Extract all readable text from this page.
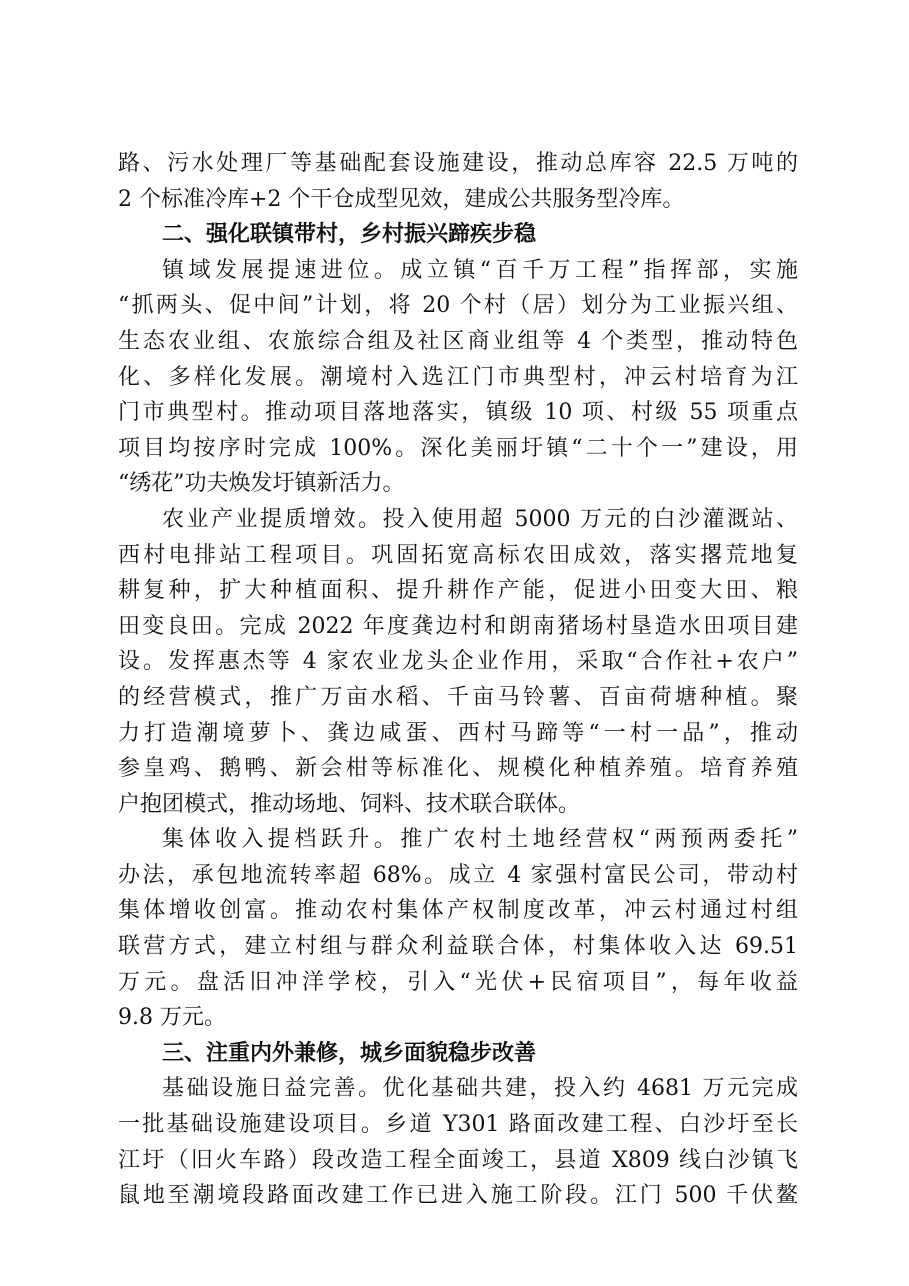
路、污水处理厂等基础配套设施建设，推动总库容 22.5 万吨的
2 个标准冷库+2 个干仓成型见效，建成公共服务型冷库。
二、强化联镇带村，乡村振兴蹄疾步稳
镇域发展提速进位。成立镇“百千万工程”指挥部，实施
“抓两头、促中间”计划，将 20 个村（居）划分为工业振兴组、
生态农业组、农旅综合组及社区商业组等 4 个类型，推动特色
化、多样化发展。潮境村入选江门市典型村，冲云村培育为江
门市典型村。推动项目落地落实，镇级 10 项、村级 55 项重点
项目均按序时完成 100%。深化美丽圩镇“二十个一”建设，用
“绣花”功夫焕发圩镇新活力。
农业产业提质增效。投入使用超 5000 万元的白沙灌溉站、
西村电排站工程项目。巩固拓宽高标农田成效，落实撂荒地复
耕复种，扩大种植面积、提升耕作产能，促进小田变大田、粮
田变良田。完成 2022 年度龚边村和朗南猪场村垦造水田项目建
设。发挥惠杰等 4 家农业龙头企业作用，采取“合作社+农户”
的经营模式，推广万亩水稻、千亩马铃薯、百亩荷塘种植。聚
力打造潮境萝卜、龚边咸蛋、西村马蹄等“一村一品”，推动
参皇鸡、鹅鸭、新会柑等标准化、规模化种植养殖。培育养殖
户抱团模式，推动场地、饲料、技术联合联体。
集体收入提档跃升。推广农村土地经营权“两预两委托”
办法，承包地流转率超 68%。成立 4 家强村富民公司，带动村
集体增收创富。推动农村集体产权制度改革，冲云村通过村组
联营方式，建立村组与群众利益联合体，村集体收入达 69.51
万元。盘活旧冲洋学校，引入“光伏+民宿项目”，每年收益
9.8 万元。
三、注重内外兼修，城乡面貌稳步改善
基础设施日益完善。优化基础共建，投入约 4681 万元完成
一批基础设施建设项目。乡道 Y301 路面改建工程、白沙圩至长
江圩（旧火车路）段改造工程全面竣工，县道 X809 线白沙镇飞
鼠地至潮境段路面改建工作已进入施工阶段。江门 500 千伏鳌
